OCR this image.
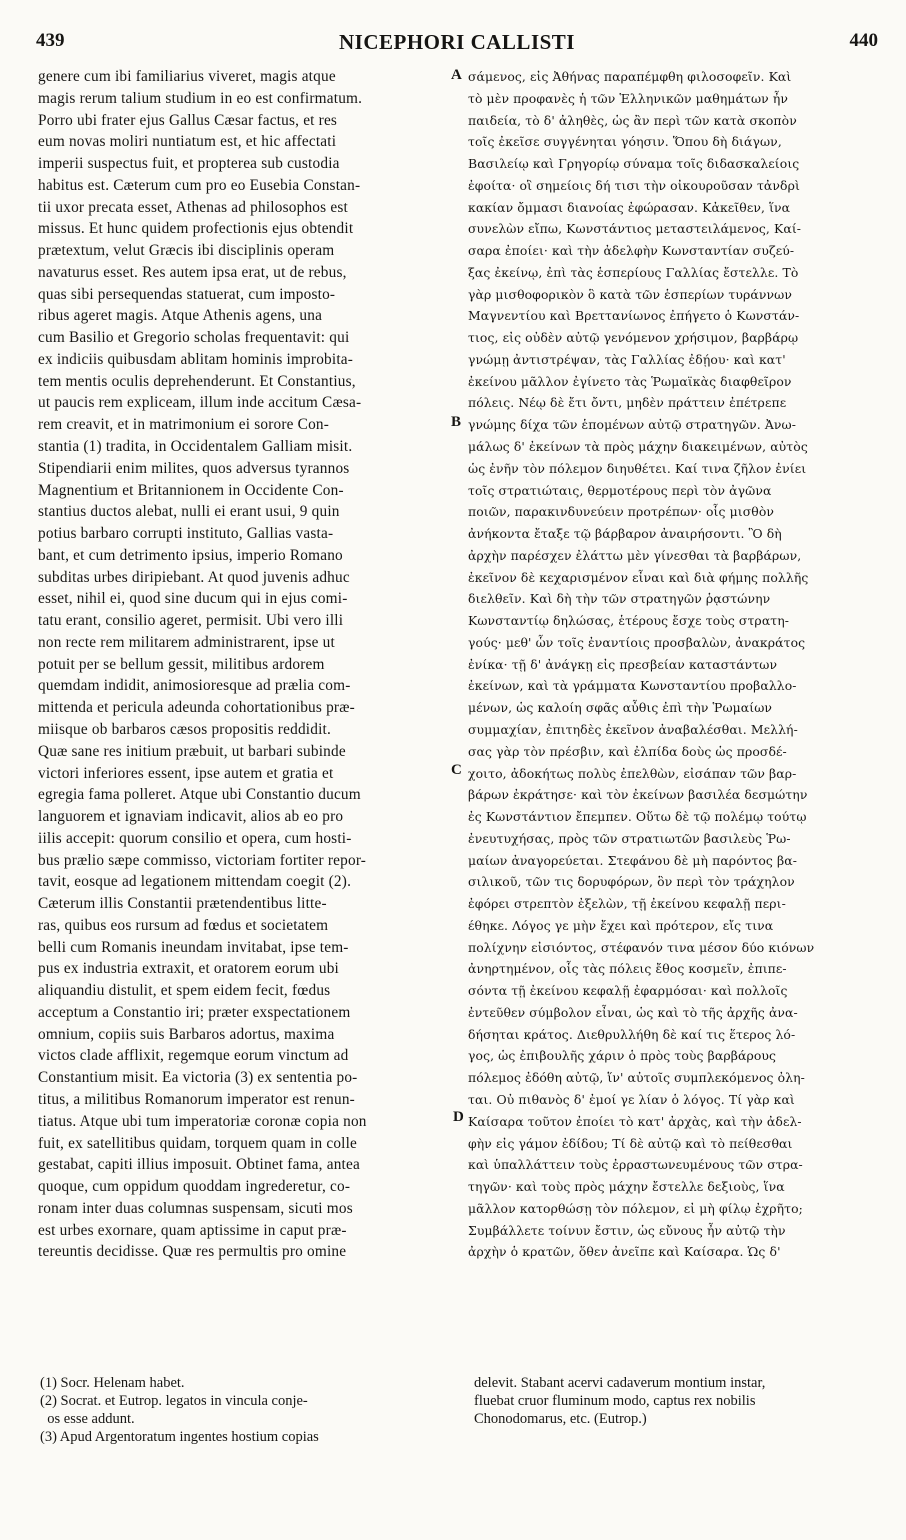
439	NICEPHORI CALLISTI	440
genere cum ibi familiarius viveret, magis atque
magis rerum talium studium in eo est confirmatum.
Porro ubi frater ejus Gallus Cæsar factus, et res
eum novas moliri nuntiatum est, et hic affectati
imperii suspectus fuit, et propterea sub custodia
habitus est. Cæterum cum pro eo Eusebia Constan-
tii uxor precata esset, Athenas ad philosophos est
missus. Et hunc quidem profectionis ejus obtendit
prætextum, velut Græcis ibi disciplinis operam
navaturus esset. Res autem ipsa erat, ut de rebus,
quas sibi persequendas statuerat, cum imposto-
ribus ageret magis. Atque Athenis agens, una
cum Basilio et Gregorio scholas frequentavit: qui
ex indiciis quibusdam ablitam hominis improbita-
tem mentis oculis deprehenderunt. Et Constantius,
ut paucis rem expliceam, illum inde accitum Cæsa-
rem creavit, et in matrimonium ei sorore Con-
stantia (1) tradita, in Occidentalem Galliam misit.
Stipendiarii enim milites, quos adversus tyrannos
Magnentium et Britannionem in Occidente Con-
stantius ductos alebat, nulli ei erant usui, 9 quin
potius barbaro corrupti instituto, Gallias vasta-
bant, et cum detrimento ipsius, imperio Romano
subditas urbes diripiebant. At quod juvenis adhuc
esset, nihil ei, quod sine ducum qui in ejus comi-
tatu erant, consilio ageret, permisit. Ubi vero illi
non recte rem militarem administrarent, ipse ut
potuit per se bellum gessit, militibus ardorem
quemdam indidit, animosioresque ad prælia com-
mittenda et pericula adeunda cohortationibus præ-
miisque ob barbaros cæsos propositis reddidit.
Quæ sane res initium præbuit, ut barbari subinde
victori inferiores essent, ipse autem et gratia et
egregia fama polleret. Atque ubi Constantio ducum
languorem et ignaviam indicavit, alios ab eo pro
iilis accepit: quorum consilio et opera, cum hosti-
bus prælio sæpe commisso, victoriam fortiter repor-
tavit, eosque ad legationem mittendam coegit (2).
Cæterum illis Constantii prætendentibus litte-
ras, quibus eos rursum ad fœdus et societatem
belli cum Romanis ineundam invitabat, ipse tem-
pus ex industria extraxit, et oratorem eorum ubi
aliquandiu distulit, et spem eidem fecit, fœdus
acceptum a Constantio iri; præter exspectationem
omnium, copiis suis Barbaros adortus, maxima
victos clade afflixit, regemque eorum vinctum ad
Constantium misit. Ea victoria (3) ex sententia po-
titus, a militibus Romanorum imperator est renun-
tiatus. Atque ubi tum imperatoriæ coronæ copia non
fuit, ex satellitibus quidam, torquem quam in colle
gestabat, capiti illius imposuit. Obtinet fama, antea
quoque, cum oppidum quoddam ingrederetur, co-
ronam inter duas columnas suspensam, sicuti mos
est urbes exornare, quam aptissime in caput præ-
tereuntis decidisse. Quæ res permultis pro omine
σάμενος, εἰς Ἀθήνας παραπέμφθη φιλοσοφεῖν. Καὶ
τὸ μὲν προφανὲς ἡ τῶν Ἑλληνικῶν μαθημάτων ἦν
παιδεία, τὸ δ' ἀληθὲς, ὡς ἂν περὶ τῶν κατὰ σκοπὸν
τοῖς ἐκεῖσε συγγένηται γόησιν. Ὅπου δὴ διάγων,
Βασιλείῳ καὶ Γρηγορίῳ σύναμα τοῖς διδασκαλείοις
ἐφοίτα· οἳ σημείοις δή τισι τὴν οἰκουροῦσαν τἀνδρὶ
κακίαν ὄμμασι διανοίας ἐφώρασαν. Κἀκεῖθεν, ἵνα
συνελὼν εἴπω, Κωνστάντιος μεταστειλάμενος, Καί-
σαρα ἐποίει· καὶ τὴν ἀδελφὴν Κωνσταντίαν συζεύ-
ξας ἐκείνῳ, ἐπὶ τὰς ἑσπερίους Γαλλίας ἔστελλε. Τὸ
γὰρ μισθοφορικὸν ὃ κατὰ τῶν ἑσπερίων τυράννων
Μαγνεντίου καὶ Βρεττανίωνος ἐπήγετο ὁ Κωνστάν-
τιος, εἰς οὐδὲν αὐτῷ γενόμενον χρήσιμον, βαρβάρῳ
γνώμῃ ἀντιστρέψαν, τὰς Γαλλίας ἐδῄου· καὶ κατ'
ἐκείνου μᾶλλον ἐγίνετο τὰς Ῥωμαϊκὰς διαφθεῖρον
πόλεις. Νέῳ δὲ ἔτι ὄντι, μηδὲν πράττειν ἐπέτρεπε
γνώμης δίχα τῶν ἑπομένων αὐτῷ στρατηγῶν. Ἀνω-
μάλως δ' ἐκείνων τὰ πρὸς μάχην διακειμένων, αὐτὸς
ὡς ἐνῆν τὸν πόλεμον διηυθέτει. Καί τινα ζῆλον ἐνίει
τοῖς στρατιώταις, θερμοτέρους περὶ τὸν ἀγῶνα
ποιῶν, παρακινδυνεύειν προτρέπων· οἷς μισθὸν
ἀνήκοντα ἔταξε τῷ βάρβαρον ἀναιρήσοντι. Ὃ δὴ
ἀρχὴν παρέσχεν ἐλάττω μὲν γίνεσθαι τὰ βαρβάρων,
ἐκεῖνον δὲ κεχαρισμένον εἶναι καὶ διὰ φήμης πολλῆς
διελθεῖν. Καὶ δὴ τὴν τῶν στρατηγῶν ῥᾳστώνην
Κωνσταντίῳ δηλώσας, ἑτέρους ἔσχε τοὺς στρατη-
γούς· μεθ' ὧν τοῖς ἐναντίοις προσβαλὼν, ἀνακράτος
ἐνίκα· τῇ δ' ἀνάγκῃ εἰς πρεσβείαν καταστάντων
ἐκείνων, καὶ τὰ γράμματα Κωνσταντίου προβαλλο-
μένων, ὡς καλοίη σφᾶς αὖθις ἐπὶ τὴν Ῥωμαίων
συμμαχίαν, ἐπιτηδὲς ἐκεῖνον ἀναβαλέσθαι. Μελλή-
σας γὰρ τὸν πρέσβιν, καὶ ἐλπίδα δοὺς ὡς προσδέ-
χοιτο, ἀδοκήτως πολὺς ἐπελθὼν, εἰσάπαν τῶν βαρ-
βάρων ἐκράτησε· καὶ τὸν ἐκείνων βασιλέα δεσμώτην
ἐς Κωνστάντιον ἔπεμπεν. Οὕτω δὲ τῷ πολέμῳ τούτῳ
ἐνευτυχήσας, πρὸς τῶν στρατιωτῶν βασιλεὺς Ῥω-
μαίων ἀναγορεύεται. Στεφάνου δὲ μὴ παρόντος βα-
σιλικοῦ, τῶν τις δορυφόρων, ὃν περὶ τὸν τράχηλον
ἐφόρει στρεπτὸν ἐξελὼν, τῇ ἐκείνου κεφαλῇ περι-
έθηκε. Λόγος γε μὴν ἔχει καὶ πρότερον, εἴς τινα
πολίχνην εἰσιόντος, στέφανόν τινα μέσον δύο κιόνων
ἀνηρτημένον, οἷς τὰς πόλεις ἔθος κοσμεῖν, ἐπιπε-
σόντα τῇ ἐκείνου κεφαλῇ ἐφαρμόσαι· καὶ πολλοῖς
ἐντεῦθεν σύμβολον εἶναι, ὡς καὶ τὸ τῆς ἀρχῆς ἀνα-
δήσηται κράτος. Διεθρυλλήθη δὲ καί τις ἕτερος λό-
γος, ὡς ἐπιβουλῆς χάριν ὁ πρὸς τοὺς βαρβάρους
πόλεμος ἐδόθη αὐτῷ, ἵν' αὐτοῖς συμπλεκόμενος ὀλη-
ται. Οὐ πιθανὸς δ' ἐμοί γε λίαν ὁ λόγος. Τί γὰρ καὶ
Καίσαρα τοῦτον ἐποίει τὸ κατ' ἀρχὰς, καὶ τὴν ἀδελ-
φὴν εἰς γάμον ἐδίδου; Τί δὲ αὐτῷ καὶ τὸ πείθεσθαι
καὶ ὑπαλλάττειν τοὺς ἐρραστωνευμένους τῶν στρα-
τηγῶν· καὶ τοὺς πρὸς μάχην ἔστελλε δεξιοὺς, ἵνα
μᾶλλον κατορθώσῃ τὸν πόλεμον, εἰ μὴ φίλῳ ἐχρῆτο;
Συμβάλλετε τοίνυν ἔστιν, ὡς εὔνους ἦν αὐτῷ τὴν
ἀρχὴν ὁ κρατῶν, ὅθεν ἀνεῖπε καὶ Καίσαρα. Ὡς δ'
A
B
C
D
(1) Socr. Helenam habet.
(2) Socrat. et Eutrop. legatos in vincula conje-
os esse addunt.
(3) Apud Argentoratum ingentes hostium copias
delevit. Stabant acervi cadaverum montium instar,
fluebat cruor fluminum modo, captus rex nobilis
Chonodomarus, etc. (Eutrop.)
